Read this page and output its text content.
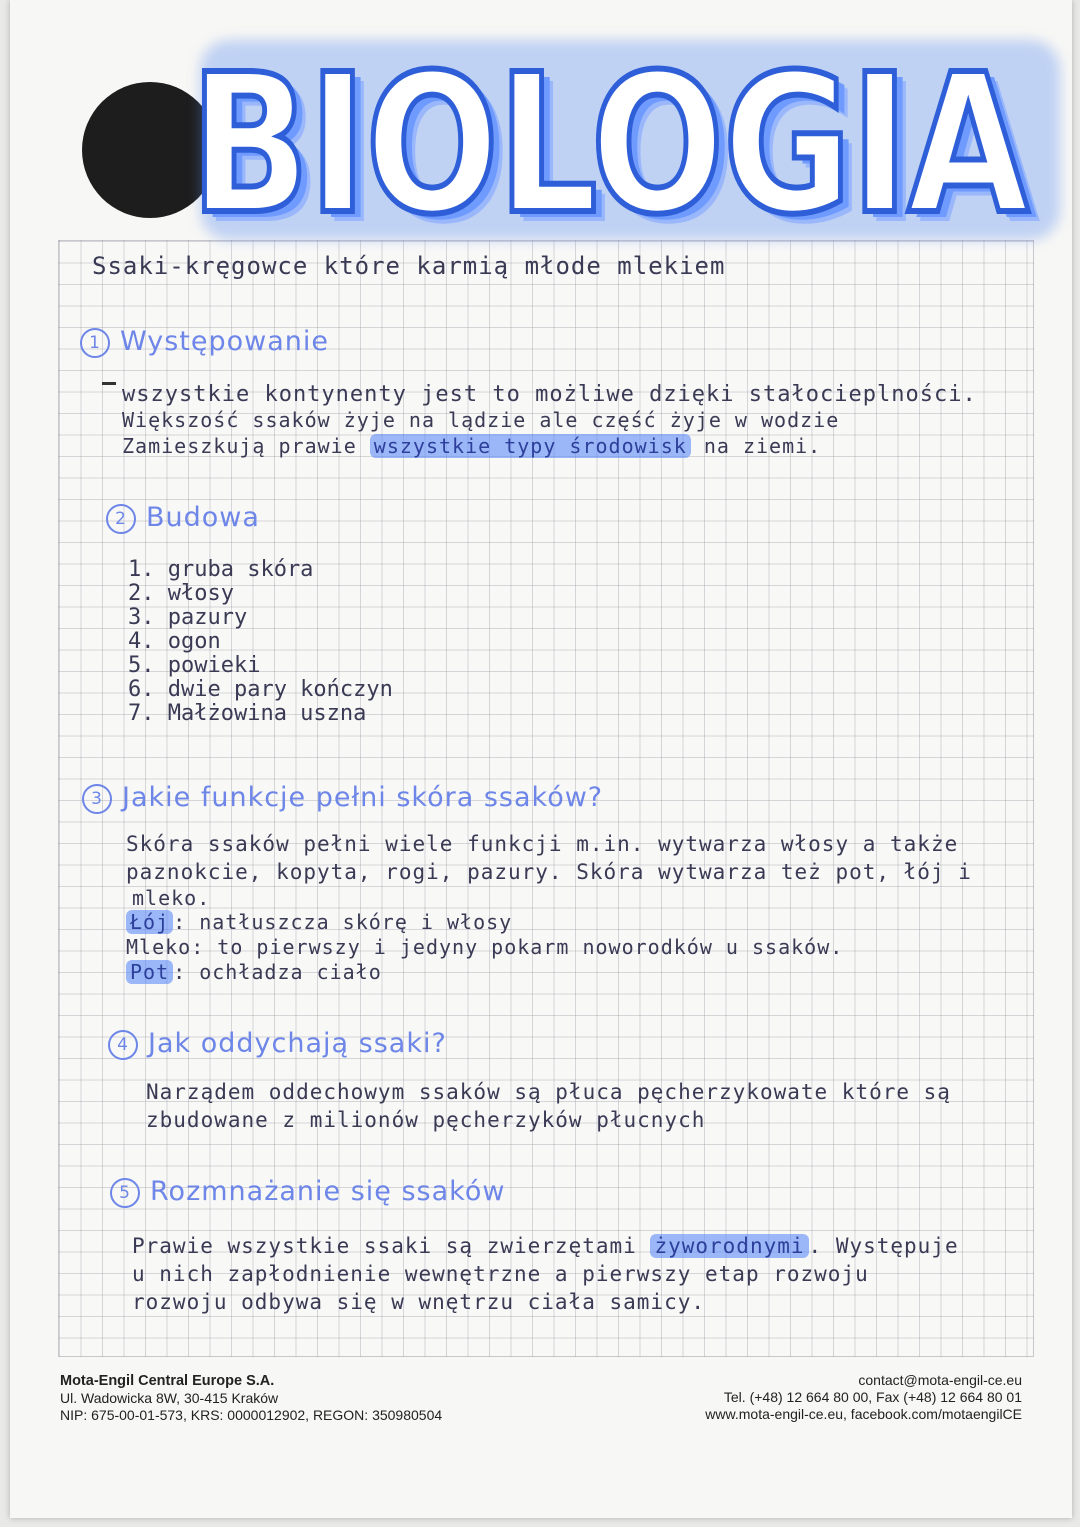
BIOLOGIA
Ssaki-kręgowce które karmią młode mlekiem
1 Występowanie
wszystkie kontynenty jest to możliwe dzięki stałocieplności.
Większość ssaków żyje na lądzie ale część żyje w wodzie
Zamieszkują prawie wszystkie typy środowisk na ziemi.
2 Budowa
1. gruba skóra
2. włosy
3. pazury
4. ogon
5. powieki
6. dwie pary kończyn
7. Małżowina uszna
3 Jakie funkcje pełni skóra ssaków?
Skóra ssaków pełni wiele funkcji m.in. wytwarza włosy a także
paznokcie, kopyta, rogi, pazury. Skóra wytwarza też pot, łój i
mleko.
Łój : natłuszcza skórę i włosy
Mleko: to pierwszy i jedyny pokarm noworodków u ssaków.
Pot : ochładza ciało
4 Jak oddychają ssaki?
Narządem oddechowym ssaków są płuca pęcherzykowate które są
zbudowane z milionów pęcherzyków płucnych
5 Rozmnażanie się ssaków
Prawie wszystkie ssaki są zwierzętami żyworodnymi . Występuje
u nich zapłodnienie wewnętrzne a pierwszy etap rozwoju
rozwoju odbywa się w wnętrzu ciała samicy.
Mota-Engil Central Europe S.A.
Ul. Wadowicka 8W, 30-415 Kraków
NIP: 675-00-01-573, KRS: 0000012902, REGON: 350980504
contact@mota-engil-ce.eu
Tel. (+48) 12 664 80 00, Fax (+48) 12 664 80 01
www.mota-engil-ce.eu, facebook.com/motaengilCE
